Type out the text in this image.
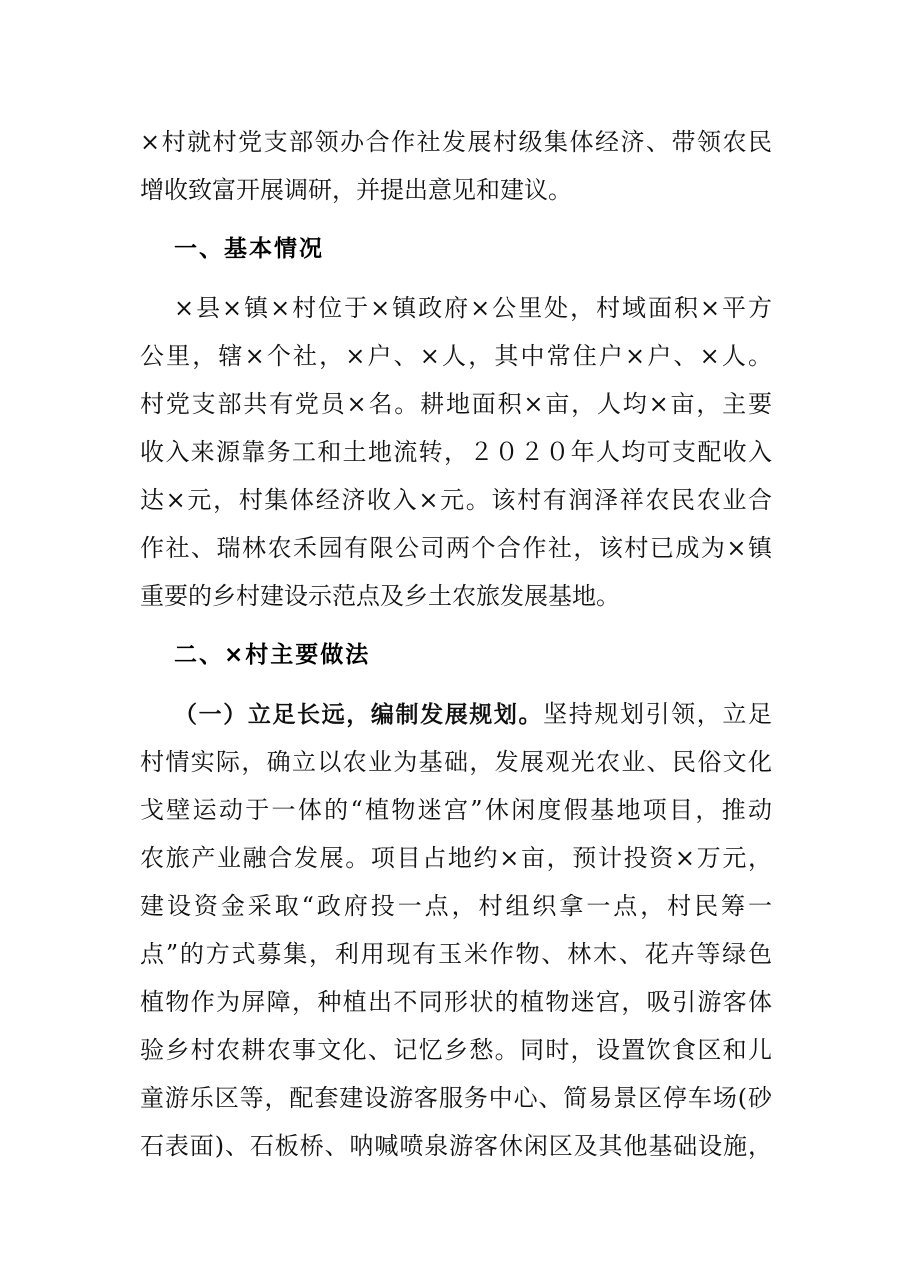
×村就村党支部领办合作社发展村级集体经济、带领农民
增收致富开展调研，并提出意见和建议。
一、基本情况
×县×镇×村位于×镇政府×公里处，村域面积×平方
公里，辖×个社，×户、×人，其中常住户×户、×人。
村党支部共有党员×名。耕地面积×亩，人均×亩，主要
收入来源靠务工和土地流转，２０２０年人均可支配收入
达×元，村集体经济收入×元。该村有润泽祥农民农业合
作社、瑞林农禾园有限公司两个合作社，该村已成为×镇
重要的乡村建设示范点及乡土农旅发展基地。
二、×村主要做法
（一）立足长远，编制发展规划。坚持规划引领，立足
村情实际，确立以农业为基础，发展观光农业、民俗文化
戈壁运动于一体的“植物迷宫”休闲度假基地项目，推动
农旅产业融合发展。项目占地约×亩，预计投资×万元，
建设资金采取“政府投一点，村组织拿一点，村民筹一
点”的方式募集，利用现有玉米作物、林木、花卉等绿色
植物作为屏障，种植出不同形状的植物迷宫，吸引游客体
验乡村农耕农事文化、记忆乡愁。同时，设置饮食区和儿
童游乐区等，配套建设游客服务中心、简易景区停车场(砂
石表面)、石板桥、呐喊喷泉游客休闲区及其他基础设施，
